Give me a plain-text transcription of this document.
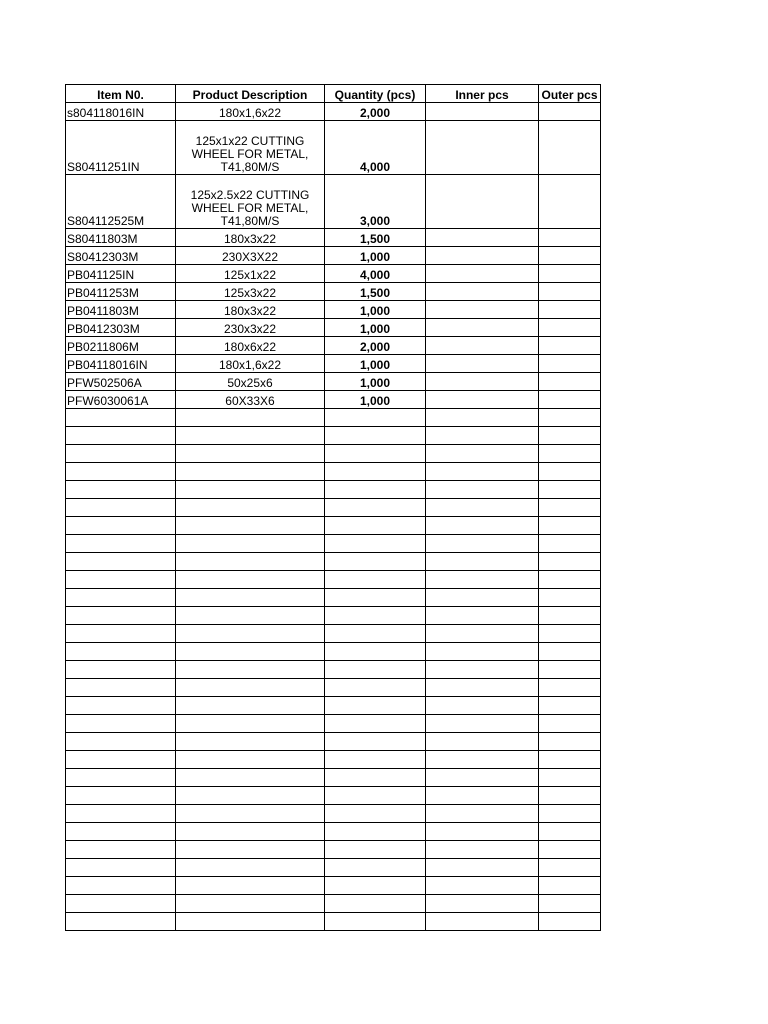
Item N0.	Product Description	Quantity (pcs)	Inner pcs	Outer pcs
s804118016IN	180x1,6x22	2,000		
S80411251IN	125x1x22 CUTTING WHEEL FOR METAL, T41,80M/S	4,000		
S804112525M	125x2.5x22 CUTTING WHEEL FOR METAL, T41,80M/S	3,000		
S80411803M	180x3x22	1,500		
S80412303M	230X3X22	1,000		
PB041125IN	125x1x22	4,000		
PB0411253M	125x3x22	1,500		
PB0411803M	180x3x22	1,000		
PB0412303M	230x3x22	1,000		
PB0211806M	180x6x22	2,000		
PB04118016IN	180x1,6x22	1,000		
PFW502506A	50x25x6	1,000		
PFW6030061A	60X33X6	1,000		
